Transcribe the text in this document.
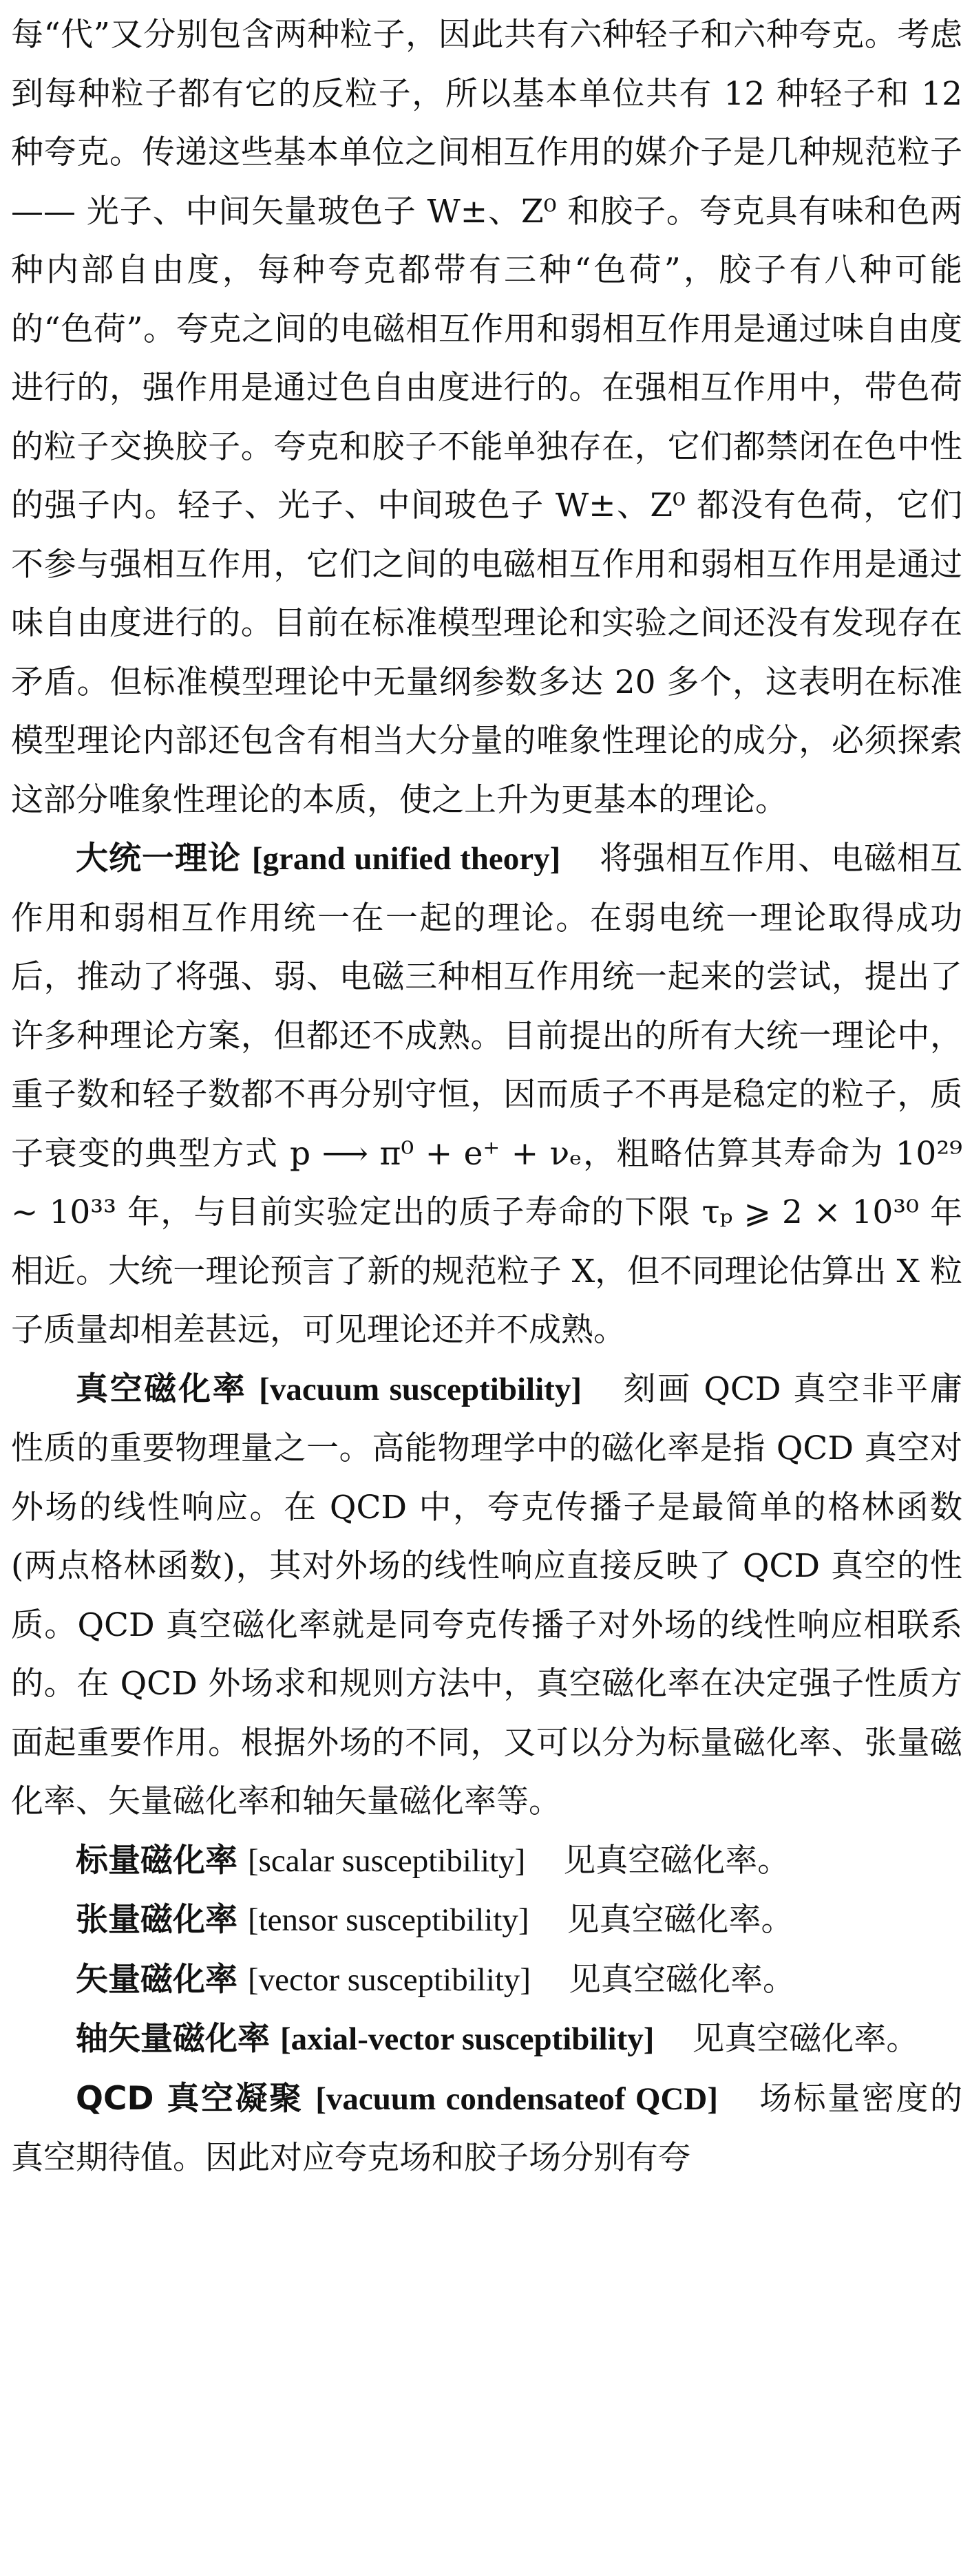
每“代”又分别包含两种粒子，因此共有六种轻子和六种夸克。考虑到每种粒子都有它的反粒子，所以基本单位共有 12 种轻子和 12 种夸克。传递这些基本单位之间相互作用的媒介子是几种规范粒子 —— 光子、中间矢量玻色子 W±、Z⁰ 和胶子。夸克具有味和色两种内部自由度，每种夸克都带有三种“色荷”，胶子有八种可能的“色荷”。夸克之间的电磁相互作用和弱相互作用是通过味自由度进行的，强作用是通过色自由度进行的。在强相互作用中，带色荷的粒子交换胶子。夸克和胶子不能单独存在，它们都禁闭在色中性的强子内。轻子、光子、中间玻色子 W±、Z⁰ 都没有色荷，它们不参与强相互作用，它们之间的电磁相互作用和弱相互作用是通过味自由度进行的。目前在标准模型理论和实验之间还没有发现存在矛盾。但标准模型理论中无量纲参数多达 20 多个，这表明在标准模型理论内部还包含有相当大分量的唯象性理论的成分，必须探索这部分唯象性理论的本质，使之上升为更基本的理论。

大统一理论 [grand unified theory] 将强相互作用、电磁相互作用和弱相互作用统一在一起的理论。在弱电统一理论取得成功后，推动了将强、弱、电磁三种相互作用统一起来的尝试，提出了许多种理论方案，但都还不成熟。目前提出的所有大统一理论中，重子数和轻子数都不再分别守恒，因而质子不再是稳定的粒子，质子衰变的典型方式 p ⟶ π⁰ + e⁺ + νₑ，粗略估算其寿命为 10²⁹ ~ 10³³ 年，与目前实验定出的质子寿命的下限 τₚ ⩾ 2 × 10³⁰ 年相近。大统一理论预言了新的规范粒子 X，但不同理论估算出 X 粒子质量却相差甚远，可见理论还并不成熟。

真空磁化率 [vacuum susceptibility] 刻画 QCD 真空非平庸性质的重要物理量之一。高能物理学中的磁化率是指 QCD 真空对外场的线性响应。在 QCD 中，夸克传播子是最简单的格林函数 (两点格林函数)，其对外场的线性响应直接反映了 QCD 真空的性质。QCD 真空磁化率就是同夸克传播子对外场的线性响应相联系的。在 QCD 外场求和规则方法中，真空磁化率在决定强子性质方面起重要作用。根据外场的不同，又可以分为标量磁化率、张量磁化率、矢量磁化率和轴矢量磁化率等。

标量磁化率 [scalar susceptibility] 见真空磁化率。

张量磁化率 [tensor susceptibility] 见真空磁化率。

矢量磁化率 [vector susceptibility] 见真空磁化率。

轴矢量磁化率 [axial-vector susceptibility] 见真空磁化率。

QCD 真空凝聚 [vacuum condensateof QCD] 场标量密度的真空期待值。因此对应夸克场和胶子场分别有夸
